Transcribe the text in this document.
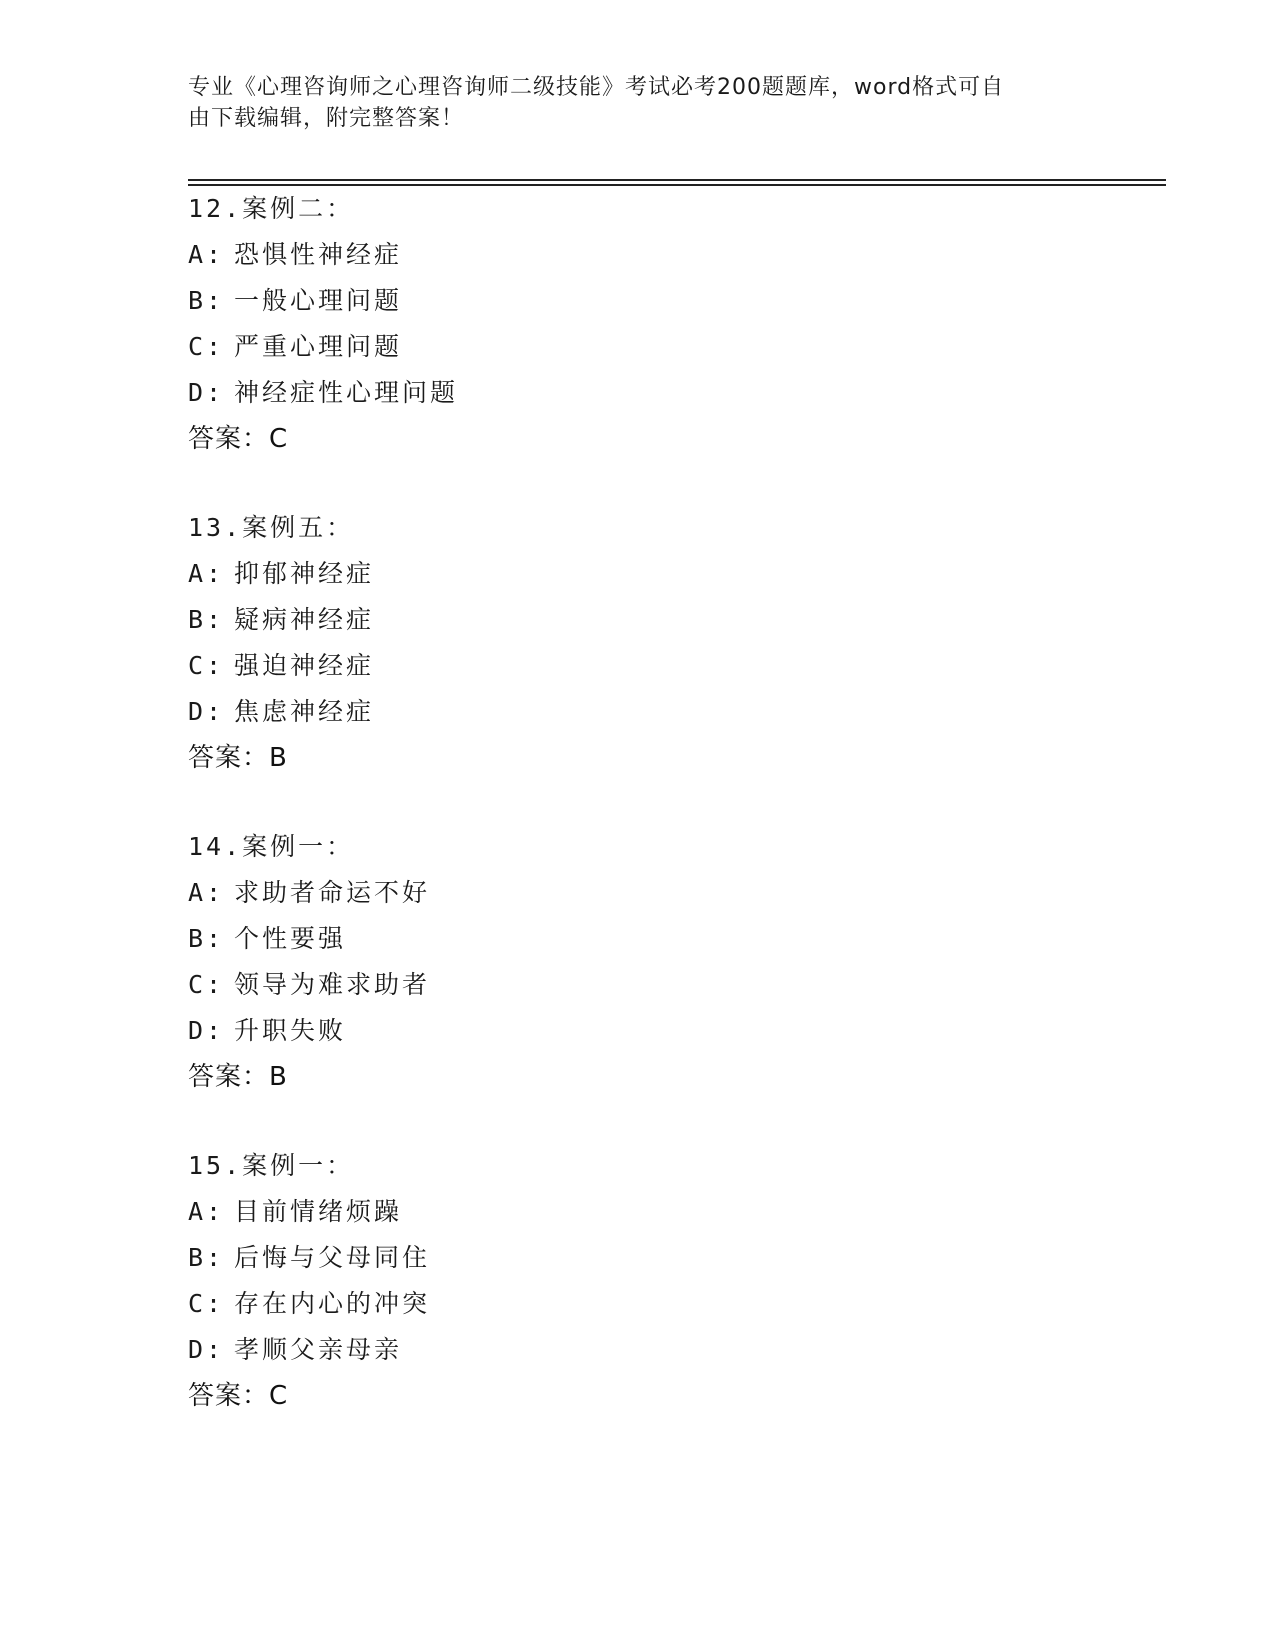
专业《心理咨询师之心理咨询师二级技能》考试必考200题题库，word格式可自
由下载编辑，附完整答案！
12.案例二：
A: 恐惧性神经症
B: 一般心理问题
C: 严重心理问题
D: 神经症性心理问题
答案：C
13.案例五：
A: 抑郁神经症
B: 疑病神经症
C: 强迫神经症
D: 焦虑神经症
答案：B
14.案例一：
A: 求助者命运不好
B: 个性要强
C: 领导为难求助者
D: 升职失败
答案：B
15.案例一：
A: 目前情绪烦躁
B: 后悔与父母同住
C: 存在内心的冲突
D: 孝顺父亲母亲
答案：C
